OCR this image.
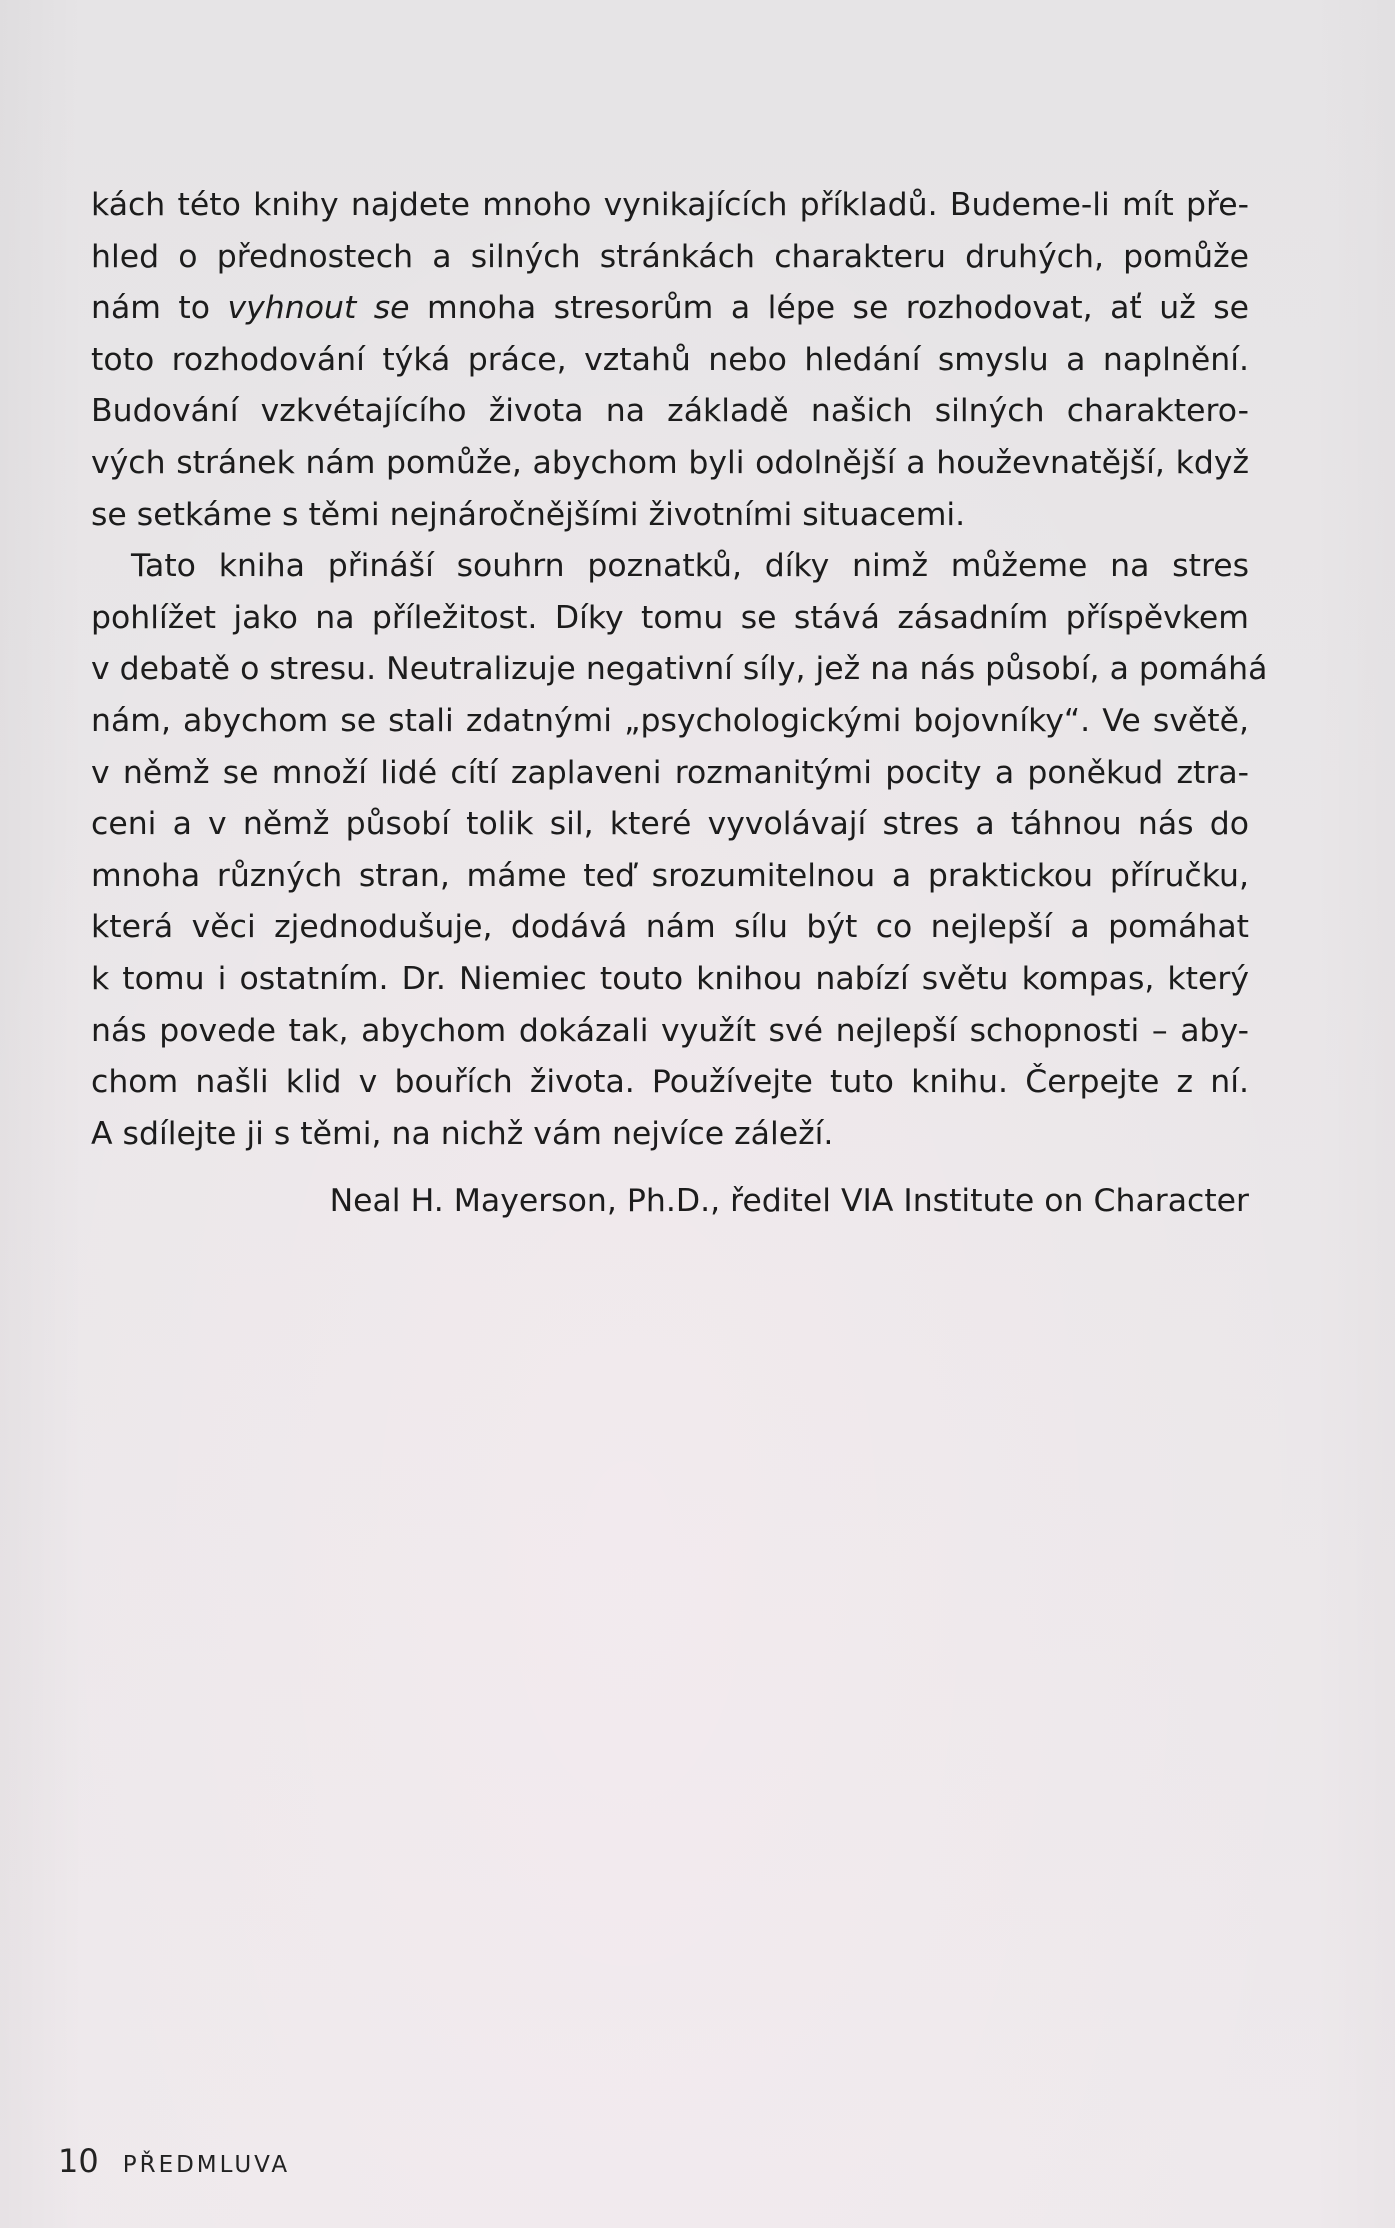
kách této knihy najdete mnoho vynikajících příkladů. Budeme-li mít pře-
hled o přednostech a silných stránkách charakteru druhých, pomůže
nám to vyhnout se mnoha stresorům a lépe se rozhodovat, ať už se
toto rozhodování týká práce, vztahů nebo hledání smyslu a naplnění.
Budování vzkvétajícího života na základě našich silných charaktero-
vých stránek nám pomůže, abychom byli odolnější a houževnatější, když
se setkáme s těmi nejnáročnějšími životními situacemi.
Tato kniha přináší souhrn poznatků, díky nimž můžeme na stres
pohlížet jako na příležitost. Díky tomu se stává zásadním příspěvkem
v debatě o stresu. Neutralizuje negativní síly, jež na nás působí, a pomáhá
nám, abychom se stali zdatnými „psychologickými bojovníky“. Ve světě,
v němž se množí lidé cítí zaplaveni rozmanitými pocity a poněkud ztra-
ceni a v němž působí tolik sil, které vyvolávají stres a táhnou nás do
mnoha různých stran, máme teď srozumitelnou a praktickou příručku,
která věci zjednodušuje, dodává nám sílu být co nejlepší a pomáhat
k tomu i ostatním. Dr. Niemiec touto knihou nabízí světu kompas, který
nás povede tak, abychom dokázali využít své nejlepší schopnosti – aby-
chom našli klid v bouřích života. Používejte tuto knihu. Čerpejte z ní.
A sdílejte ji s těmi, na nichž vám nejvíce záleží.
Neal H. Mayerson, Ph.D., ředitel VIA Institute on Character
10 PŘEDMLUVA
